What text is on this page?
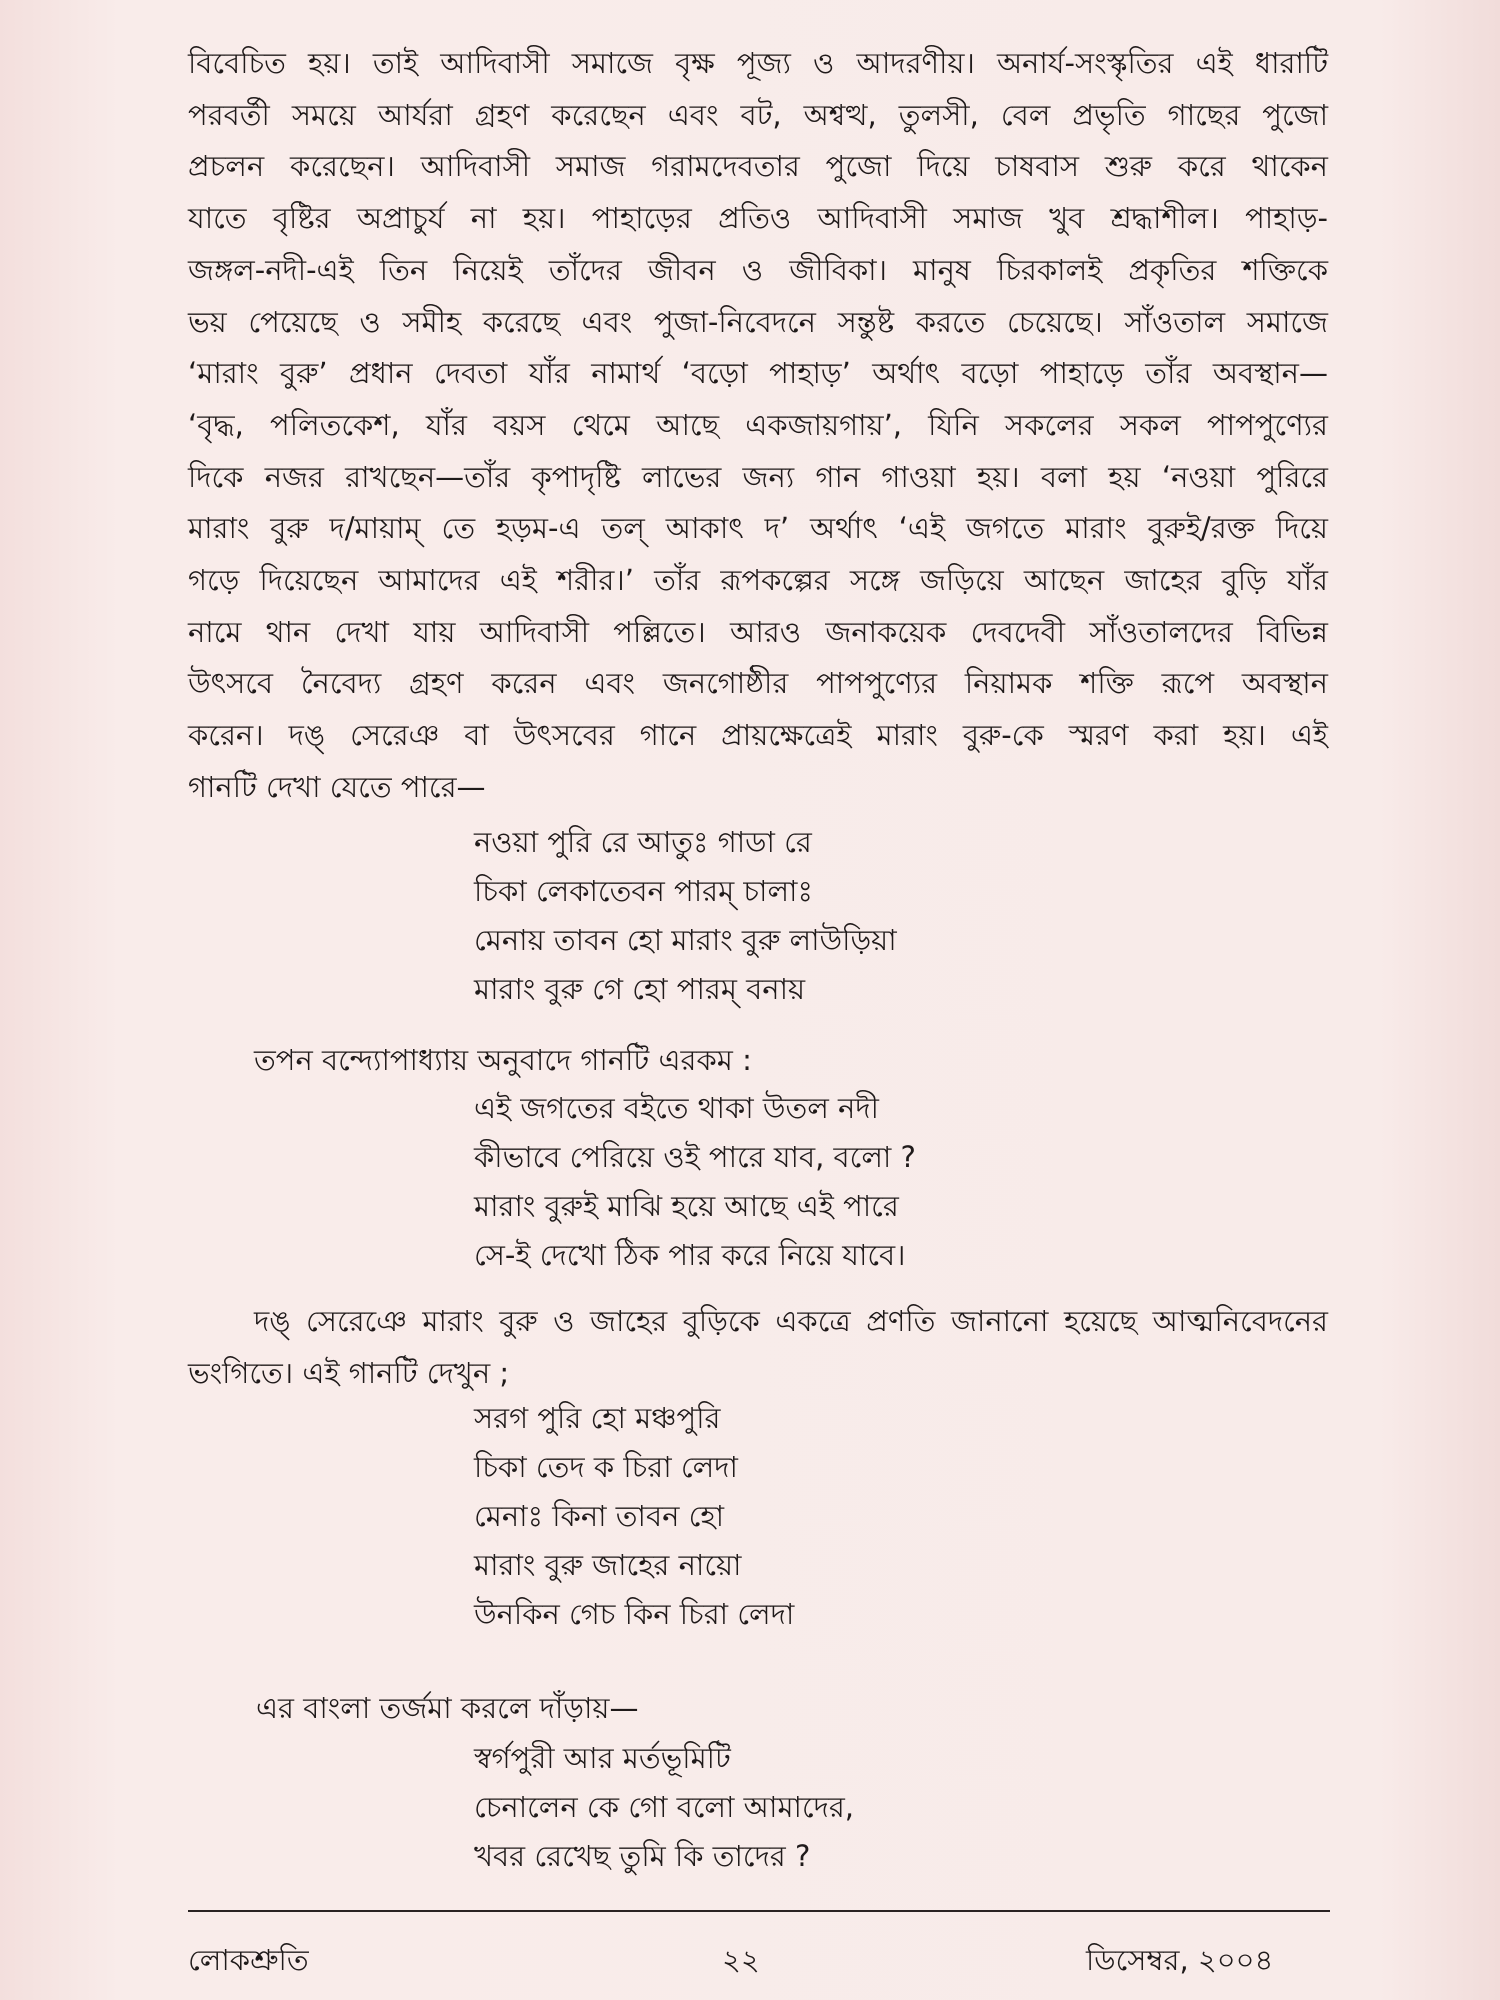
বিবেচিত হয়। তাই আদিবাসী সমাজে বৃক্ষ পূজ্য ও আদরণীয়। অনার্য-সংস্কৃতির এই ধারাটি
পরবর্তী সময়ে আর্যরা গ্রহণ করেছেন এবং বট, অশ্বত্থ, তুলসী, বেল প্রভৃতি গাছের পুজো
প্রচলন করেছেন। আদিবাসী সমাজ গরামদেবতার পুজো দিয়ে চাষবাস শুরু করে থাকেন
যাতে বৃষ্টির অপ্রাচুর্য না হয়। পাহাড়ের প্রতিও আদিবাসী সমাজ খুব শ্রদ্ধাশীল। পাহাড়-
জঙ্গল-নদী-এই তিন নিয়েই তাঁদের জীবন ও জীবিকা। মানুষ চিরকালই প্রকৃতির শক্তিকে
ভয় পেয়েছে ও সমীহ করেছে এবং পুজা-নিবেদনে সন্তুষ্ট করতে চেয়েছে। সাঁওতাল সমাজে
‘মারাং বুরু’ প্রধান দেবতা যাঁর নামার্থ ‘বড়ো পাহাড়’ অর্থাৎ বড়ো পাহাড়ে তাঁর অবস্থান—
‘বৃদ্ধ, পলিতকেশ, যাঁর বয়স থেমে আছে একজায়গায়’, যিনি সকলের সকল পাপপুণ্যের
দিকে নজর রাখছেন—তাঁর কৃপাদৃষ্টি লাভের জন্য গান গাওয়া হয়। বলা হয় ‘নওয়া পুরিরে
মারাং বুরু দ/মায়াম্ তে হড়ম-এ তল্ আকাৎ দ’ অর্থাৎ ‘এই জগতে মারাং বুরুই/রক্ত দিয়ে
গড়ে দিয়েছেন আমাদের এই শরীর।’ তাঁর রূপকল্পের সঙ্গে জড়িয়ে আছেন জাহের বুড়ি যাঁর
নামে থান দেখা যায় আদিবাসী পল্লিতে। আরও জনাকয়েক দেবদেবী সাঁওতালদের বিভিন্ন
উৎসবে নৈবেদ্য গ্রহণ করেন এবং জনগোষ্ঠীর পাপপুণ্যের নিয়ামক শক্তি রূপে অবস্থান
করেন। দঙ্ সেরেঞ বা উৎসবের গানে প্রায়ক্ষেত্রেই মারাং বুরু-কে স্মরণ করা হয়। এই
গানটি দেখা যেতে পারে—
নওয়া পুরি রে আতুঃ গাডা রে
চিকা লেকাতেবন পারম্ চালাঃ
মেনায় তাবন হো মারাং বুরু লাউড়িয়া
মারাং বুরু গে হো পারম্ বনায়
তপন বন্দ্যোপাধ্যায় অনুবাদে গানটি এরকম :
এই জগতের বইতে থাকা উতল নদী
কীভাবে পেরিয়ে ওই পারে যাব, বলো ?
মারাং বুরুই মাঝি হয়ে আছে এই পারে
সে-ই দেখো ঠিক পার করে নিয়ে যাবে।
দঙ্ সেরেঞে মারাং বুরু ও জাহের বুড়িকে একত্রে প্রণতি জানানো হয়েছে আত্মনিবেদনের
ভংগিতে। এই গানটি দেখুন ;
সরগ পুরি হো মঞ্চপুরি
চিকা তেদ ক চিরা লেদা
মেনাঃ কিনা তাবন হো
মারাং বুরু জাহের নায়ো
উনকিন গেচ কিন চিরা লেদা
এর বাংলা তর্জমা করলে দাঁড়ায়—
স্বর্গপুরী আর মর্তভূমিটি
চেনালেন কে গো বলো আমাদের,
খবর রেখেছ তুমি কি তাদের ?
লোকশ্রুতি	২২	ডিসেম্বর, ২০০৪
